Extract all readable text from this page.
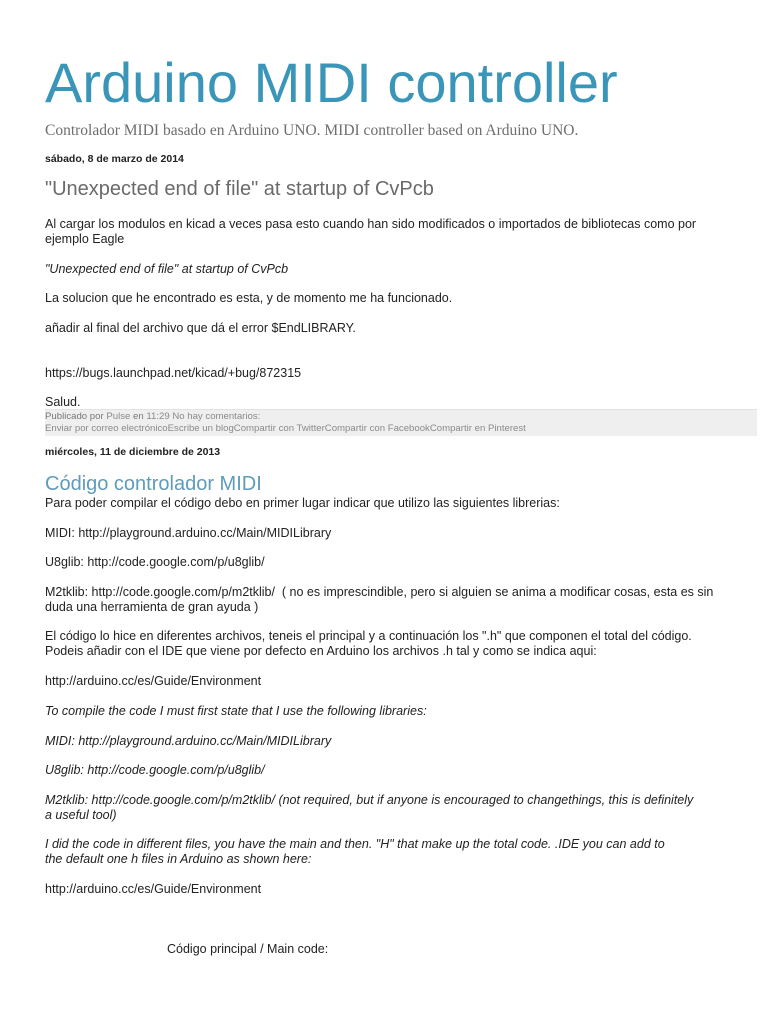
Arduino MIDI controller
Controlador MIDI basado en Arduino UNO. MIDI controller based on Arduino UNO.
sábado, 8 de marzo de 2014
"Unexpected end of file" at startup of CvPcb
Al cargar los modulos en kicad a veces pasa esto cuando han sido modificados o importados de bibliotecas como por
ejemplo Eagle
"Unexpected end of file" at startup of CvPcb
La solucion que he encontrado es esta, y de momento me ha funcionado.
añadir al final del archivo que dá el error $EndLIBRARY.
https://bugs.launchpad.net/kicad/+bug/872315
Salud.
Publicado por Pulse en 11:29 No hay comentarios:
Enviar por correo electrónico Escribe un blog Compartir con Twitter Compartir con Facebook Compartir en Pinterest
miércoles, 11 de diciembre de 2013
Código controlador MIDI
Para poder compilar el código debo en primer lugar indicar que utilizo las siguientes librerias:
MIDI: http://playground.arduino.cc/Main/MIDILibrary
U8glib: http://code.google.com/p/u8glib/
M2tklib: http://code.google.com/p/m2tklib/  ( no es imprescindible, pero si alguien se anima a modificar cosas, esta es sin
duda una herramienta de gran ayuda )
El código lo hice en diferentes archivos, teneis el principal y a continuación los ".h" que componen el total del código.
Podeis añadir con el IDE que viene por defecto en Arduino los archivos .h tal y como se indica aqui:
http://arduino.cc/es/Guide/Environment
To compile the code I must first state that I use the following libraries:
MIDI: http://playground.arduino.cc/Main/MIDILibrary
U8glib: http://code.google.com/p/u8glib/
M2tklib: http://code.google.com/p/m2tklib/ (not required, but if anyone is encouraged to changethings, this is definitely
a useful tool)
I did the code in different files, you have the main and then. "H" that make up the total code. .IDE you can add to
the default one h files in Arduino as shown here:
http://arduino.cc/es/Guide/Environment
Código principal / Main code:
